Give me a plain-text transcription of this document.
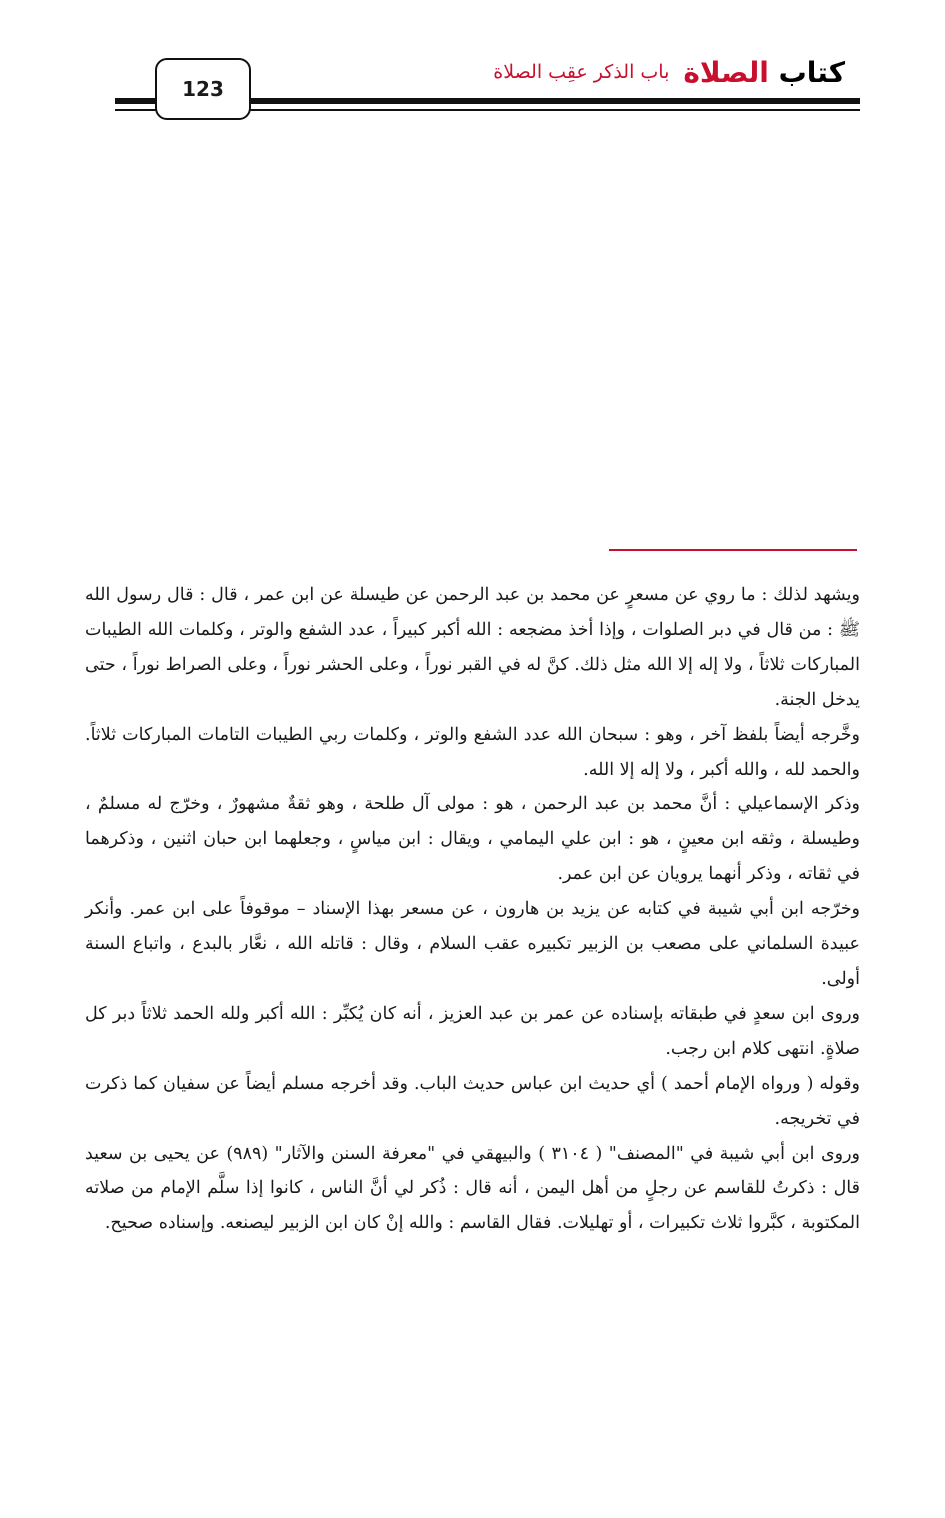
كتاب الصلاة
باب الذكر عقِب الصلاة
123

ويشهد لذلك : ما روي عن مسعرٍ عن محمد بن عبد الرحمن عن طيسلة عن ابن عمر ، قال : قال رسول الله ﷺ : من قال في دبر الصلوات ، وإذا أخذ مضجعه : الله أكبر كبيراً ، عدد الشفع والوتر ، وكلمات الله الطيبات المباركات ثلاثاً ، ولا إله إلا الله مثل ذلك. كنَّ له في القبر نوراً ، وعلى الحشر نوراً ، وعلى الصراط نوراً ، حتى يدخل الجنة.

وخَّرجه أيضاً بلفظ آخر ، وهو : سبحان الله عدد الشفع والوتر ، وكلمات ربي الطيبات التامات المباركات ثلاثاً. والحمد لله ، والله أكبر ، ولا إله إلا الله.

وذكر الإسماعيلي : أنَّ محمد بن عبد الرحمن ، هو : مولى آل طلحة ، وهو ثقةٌ مشهورٌ ، وخرّج له مسلمٌ ، وطيسلة ، وثقه ابن معينٍ ، هو : ابن علي اليمامي ، ويقال : ابن مياسٍ ، وجعلهما ابن حبان اثنين ، وذكرهما في ثقاته ، وذكر أنهما يرويان عن ابن عمر.

وخرّجه ابن أبي شيبة في كتابه عن يزيد بن هارون ، عن مسعر بهذا الإسناد – موقوفاً على ابن عمر. وأنكر عبيدة السلماني على مصعب بن الزبير تكبيره عقب السلام ، وقال : قاتله الله ، نعَّار بالبدع ، واتباع السنة أولى.

وروى ابن سعدٍ في طبقاته بإسناده عن عمر بن عبد العزيز ، أنه كان يُكبِّر : الله أكبر ولله الحمد ثلاثاً دبر كل صلاةٍ. انتهى كلام ابن رجب.

وقوله ( ورواه الإمام أحمد ) أي حديث ابن عباس حديث الباب. وقد أخرجه مسلم أيضاً عن سفيان كما ذكرت في تخريجه.

وروى ابن أبي شيبة في "المصنف" ( ٣١٠٤ ) والبيهقي في "معرفة السنن والآثار" (٩٨٩) عن يحيى بن سعيد قال : ذكرتُ للقاسم عن رجلٍ من أهل اليمن ، أنه قال : ذُكر لي أنَّ الناس ، كانوا إذا سلَّم الإمام من صلاته المكتوبة ، كبَّروا ثلاث تكبيرات ، أو تهليلات. فقال القاسم : والله إنْ كان ابن الزبير ليصنعه. وإسناده صحيح.
